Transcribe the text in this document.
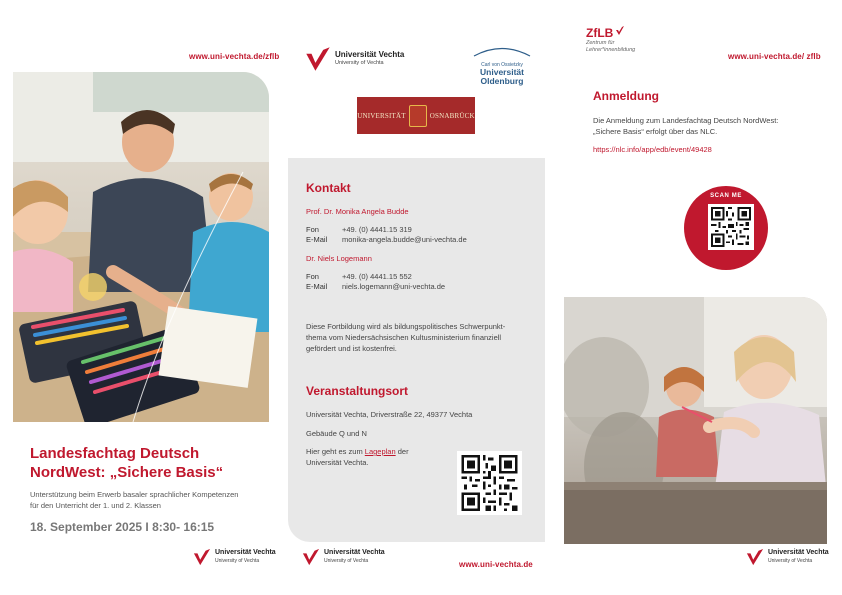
www.uni-vechta.de/zflb
Landesfachtag Deutsch
NordWest: „Sichere Basis“
Unterstützung beim Erwerb basaler sprachlicher Kompetenzen
für den Unterricht der 1. und 2. Klassen
18. September 2025 I 8:30- 16:15
Universität Vechta
University of Vechta
Universität Vechta
University of Vechta	Carl von Ossietzky
Universität
Oldenburg
UNIVERSITÄT	OSNABRÜCK
Kontakt
Prof. Dr. Monika Angela Budde
Fon	+49. (0) 4441.15 319
E-Mail	monika-angela.budde@uni-vechta.de
Dr. Niels Logemann
Fon	+49. (0) 4441.15 552
E-Mail	niels.logemann@uni-vechta.de
Diese Fortbildung wird als bildungspolitisches Schwerpunkt-
thema vom Niedersächsischen Kultusministerium finanziell
gefördert und ist kostenfrei.
Veranstaltungsort
Universität Vechta, Driverstraße 22, 49377 Vechta
Gebäude Q und N
Hier geht es zum Lageplan der
Universität Vechta.
Universität Vechta
University of Vechta	www.uni-vechta.de
ZfLB
Zentrum für
Lehrer*innenbildung
www.uni-vechta.de/ zflb
Anmeldung
Die Anmeldung zum Landesfachtag Deutsch NordWest:
„Sichere Basis“ erfolgt über das NLC.
https://nlc.info/app/edb/event/49428
SCAN ME
Universität Vechta
University of Vechta
